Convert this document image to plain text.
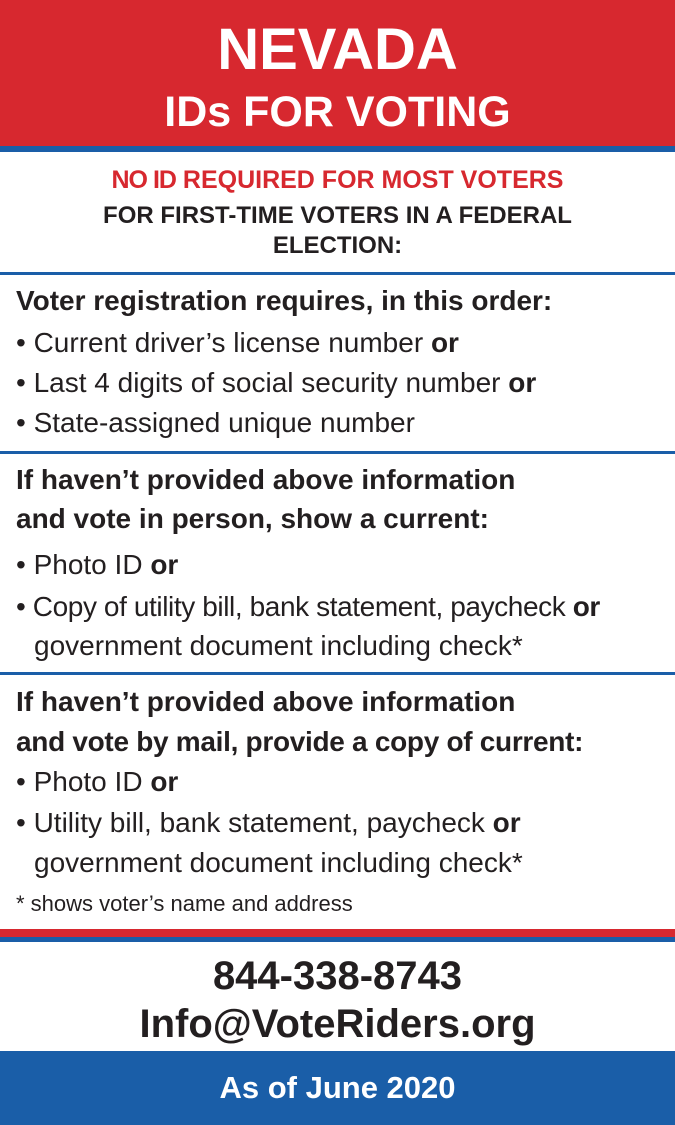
NEVADA
IDs FOR VOTING
NO ID REQUIRED FOR MOST VOTERS
FOR FIRST-TIME VOTERS IN A FEDERAL ELECTION:
Voter registration requires, in this order:
• Current driver’s license number or
• Last 4 digits of social security number or
• State-assigned unique number
If haven’t provided above information
and vote in person, show a current:
• Photo ID or
• Copy of utility bill, bank statement, paycheck or
government document including check*
If haven’t provided above information
and vote by mail, provide a copy of current:
• Photo ID or
• Utility bill, bank statement, paycheck or
government document including check*
* shows voter’s name and address
844-338-8743
Info@VoteRiders.org
As of June 2020
